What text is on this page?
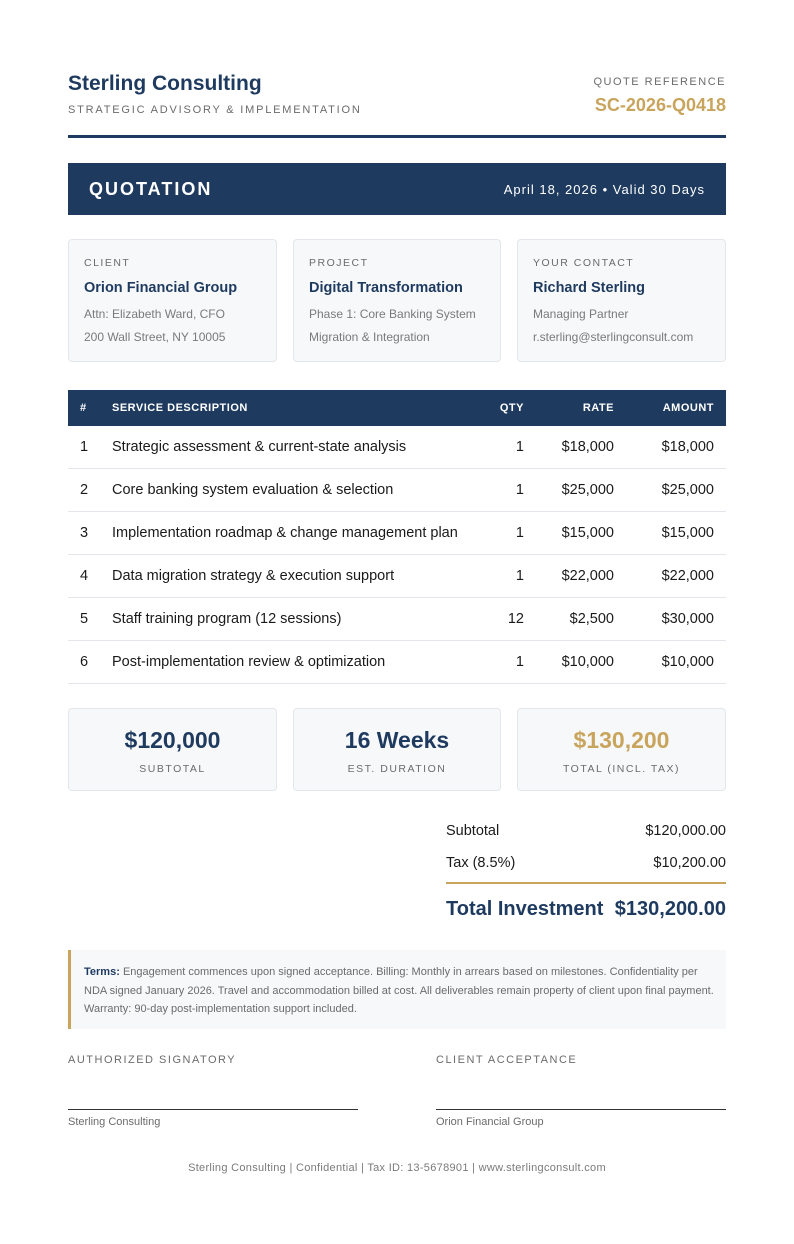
Sterling Consulting
STRATEGIC ADVISORY & IMPLEMENTATION
QUOTE REFERENCE
SC-2026-Q0418
QUOTATION	April 18, 2026 • Valid 30 Days
CLIENT
Orion Financial Group
Attn: Elizabeth Ward, CFO
200 Wall Street, NY 10005
PROJECT
Digital Transformation
Phase 1: Core Banking System
Migration & Integration
YOUR CONTACT
Richard Sterling
Managing Partner
r.sterling@sterlingconsult.com
# SERVICE DESCRIPTION	QTY	RATE	AMOUNT
1 Strategic assessment & current-state analysis	1	$18,000	$18,000
2 Core banking system evaluation & selection	1	$25,000	$25,000
3 Implementation roadmap & change management plan	1	$15,000	$15,000
4 Data migration strategy & execution support	1	$22,000	$22,000
5 Staff training program (12 sessions)	12	$2,500	$30,000
6 Post-implementation review & optimization	1	$10,000	$10,000
$120,000
SUBTOTAL
16 Weeks
EST. DURATION
$130,200
TOTAL (INCL. TAX)
Subtotal	$120,000.00
Tax (8.5%)	$10,200.00
Total Investment $130,200.00
Terms: Engagement commences upon signed acceptance. Billing: Monthly in arrears based on milestones. Confidentiality per NDA signed January 2026. Travel and accommodation billed at cost. All deliverables remain property of client upon final payment. Warranty: 90-day post-implementation support included.
AUTHORIZED SIGNATORY
Sterling Consulting
CLIENT ACCEPTANCE
Orion Financial Group
Sterling Consulting | Confidential | Tax ID: 13-5678901 | www.sterlingconsult.com
